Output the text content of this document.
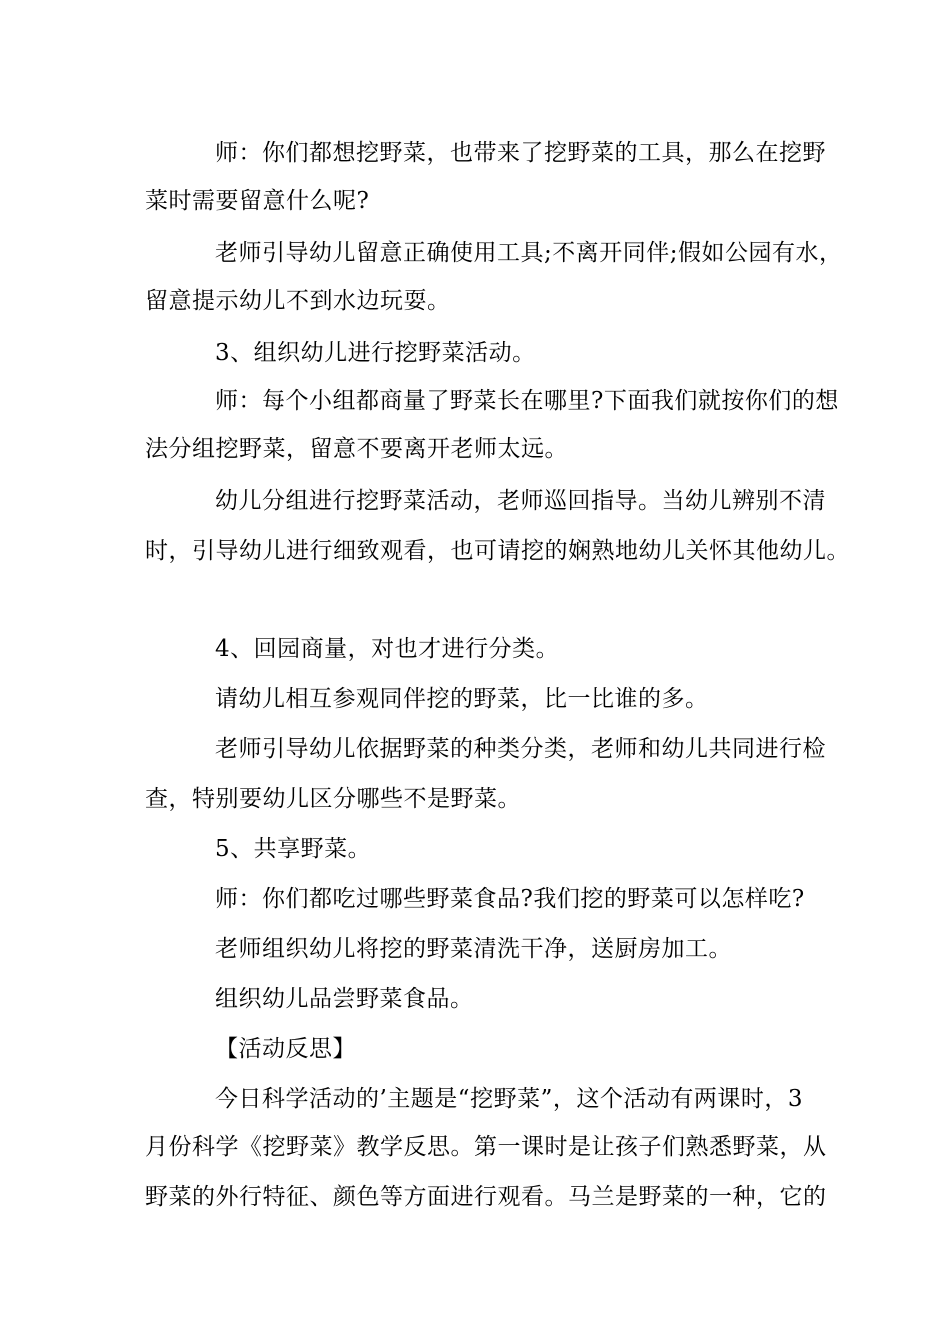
师：你们都想挖野菜，也带来了挖野菜的工具，那么在挖野
菜时需要留意什么呢?
老师引导幼儿留意正确使用工具;不离开同伴;假如公园有水，
留意提示幼儿不到水边玩耍。
3、组织幼儿进行挖野菜活动。
师：每个小组都商量了野菜长在哪里?下面我们就按你们的想
法分组挖野菜，留意不要离开老师太远。
幼儿分组进行挖野菜活动，老师巡回指导。当幼儿辨别不清
时，引导幼儿进行细致观看，也可请挖的娴熟地幼儿关怀其他幼儿。
4、回园商量，对也才进行分类。
请幼儿相互参观同伴挖的野菜，比一比谁的多。
老师引导幼儿依据野菜的种类分类，老师和幼儿共同进行检
查，特别要幼儿区分哪些不是野菜。
5、共享野菜。
师：你们都吃过哪些野菜食品?我们挖的野菜可以怎样吃?
老师组织幼儿将挖的野菜清洗干净，送厨房加工。
组织幼儿品尝野菜食品。
【活动反思】
今日科学活动的’主题是“挖野菜”，这个活动有两课时，3
月份科学《挖野菜》教学反思。第一课时是让孩子们熟悉野菜，从
野菜的外行特征、颜色等方面进行观看。马兰是野菜的一种，它的
